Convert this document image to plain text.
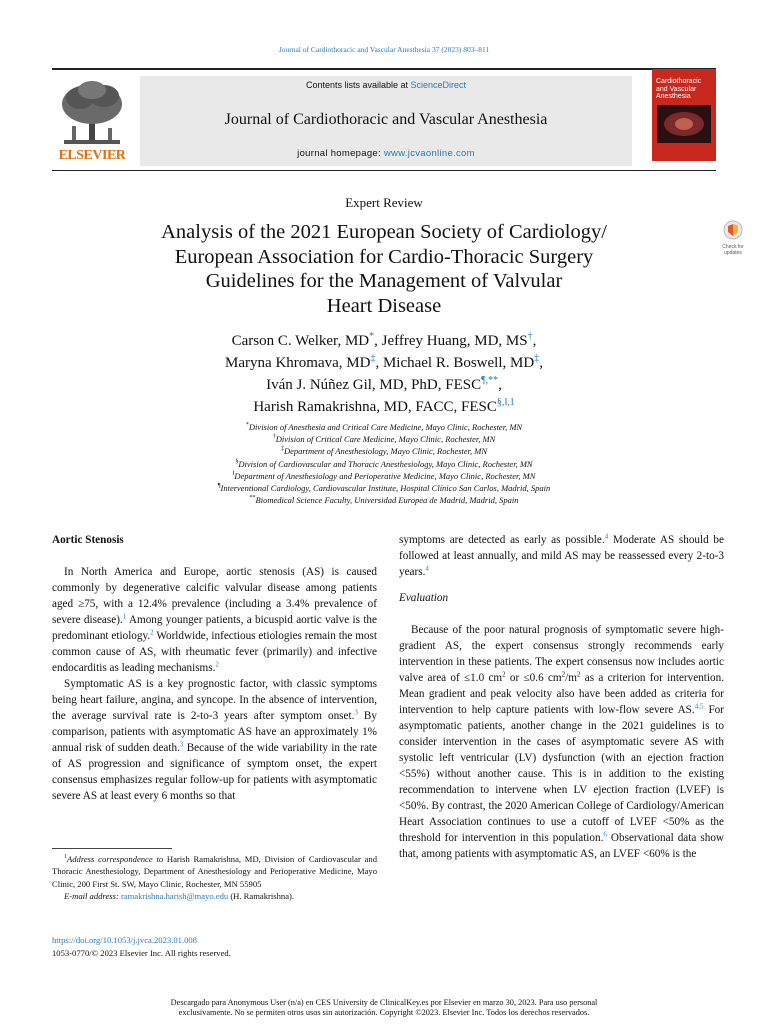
Journal of Cardiothoracic and Vascular Anesthesia 37 (2023) 803–811
ELSEVIER
Contents lists available at ScienceDirect
Journal of Cardiothoracic and Vascular Anesthesia
journal homepage: www.jcvaonline.com
Cardiothoracic and Vascular Anesthesia
Expert Review
Analysis of the 2021 European Society of Cardiology/
European Association for Cardio-Thoracic Surgery
Guidelines for the Management of Valvular
Heart Disease
Check for updates
Carson C. Welker, MD*, Jeffrey Huang, MD, MS†,
Maryna Khromava, MD‡, Michael R. Boswell, MD‡,
Iván J. Núñez Gil, MD, PhD, FESC¶,**,
Harish Ramakrishna, MD, FACC, $FESC^{\S,‖,1}$
*Division of Anesthesia and Critical Care Medicine, Mayo Clinic, Rochester, MN
†Division of Critical Care Medicine, Mayo Clinic, Rochester, MN
‡Department of Anesthesiology, Mayo Clinic, Rochester, MN
§Division of Cardiovascular and Thoracic Anesthesiology, Mayo Clinic, Rochester, MN
‖Department of Anesthesiology and Perioperative Medicine, Mayo Clinic, Rochester, MN
¶Interventional Cardiology, Cardiovascular Institute, Hospital Clínico San Carlos, Madrid, Spain
**Biomedical Science Faculty, Universidad Europea de Madrid, Madrid, Spain
Aortic Stenosis

In North America and Europe, aortic stenosis (AS) is caused commonly by degenerative calcific valvular disease among patients aged ≥75, with a 12.4% prevalence (including a 3.4% prevalence of severe disease).$^1$ Among younger patients, a bicuspid aortic valve is the predominant etiology.$^2$ Worldwide, infectious etiologies remain the most common cause of AS, with rheumatic fever (primarily) and infective endocarditis as leading mechanisms.$^2$

Symptomatic AS is a key prognostic factor, with classic symptoms being heart failure, angina, and syncope. In the absence of intervention, the average survival rate is 2-to-3 years after symptom onset.$^3$ By comparison, patients with asymptomatic AS have an approximately 1% annual risk of sudden death.$^3$ Because of the wide variability in the rate of AS progression and significance of symptom onset, the expert consensus emphasizes regular follow-up for patients with asymptomatic severe AS at least every 6 months so that

symptoms are detected as early as possible.$^4$ Moderate AS should be followed at least annually, and mild AS may be reassessed every 2-to-3 years.$^4$

Evaluation

Because of the poor natural prognosis of symptomatic severe high-gradient AS, the expert consensus strongly recommends early intervention in these patients. The expert consensus now includes aortic valve area of ≤1.0 $cm^2$ or ≤0.6 $cm^2/m^2$ as a criterion for intervention. Mean gradient and peak velocity also have been added as criteria for intervention to help capture patients with low-flow severe AS.$^{4,5}$ For asymptomatic patients, another change in the 2021 guidelines is to consider intervention in the cases of asymptomatic severe AS with systolic left ventricular (LV) dysfunction (with an ejection fraction <55%) without another cause. This is in addition to the existing recommendation to intervene when LV ejection fraction (LVEF) is <50%. By contrast, the 2020 American College of Cardiology/American Heart Association continues to use a cutoff of LVEF <50% as the threshold for intervention in this population.$^6$ Observational data show that, among patients with asymptomatic AS, an LVEF <60% is the

$^1$Address correspondence to Harish Ramakrishna, MD, Division of Cardiovascular and Thoracic Anesthesiology, Department of Anesthesiology and Perioperative Medicine, Mayo Clinic, 200 First St. SW, Mayo Clinic, Rochester, MN 55905

E-mail address: ramakrishna.harish@mayo.edu (H. Ramakrishna).

https://doi.org/10.1053/j.jvca.2023.01.008
1053-0770/© 2023 Elsevier Inc. All rights reserved.
Descargado para Anonymous User (n/a) en CES University de ClinicalKey.es por Elsevier en marzo 30, 2023. Para uso personal
exclusivamente. No se permiten otros usos sin autorización. Copyright ©2023. Elsevier Inc. Todos los derechos reservados.
